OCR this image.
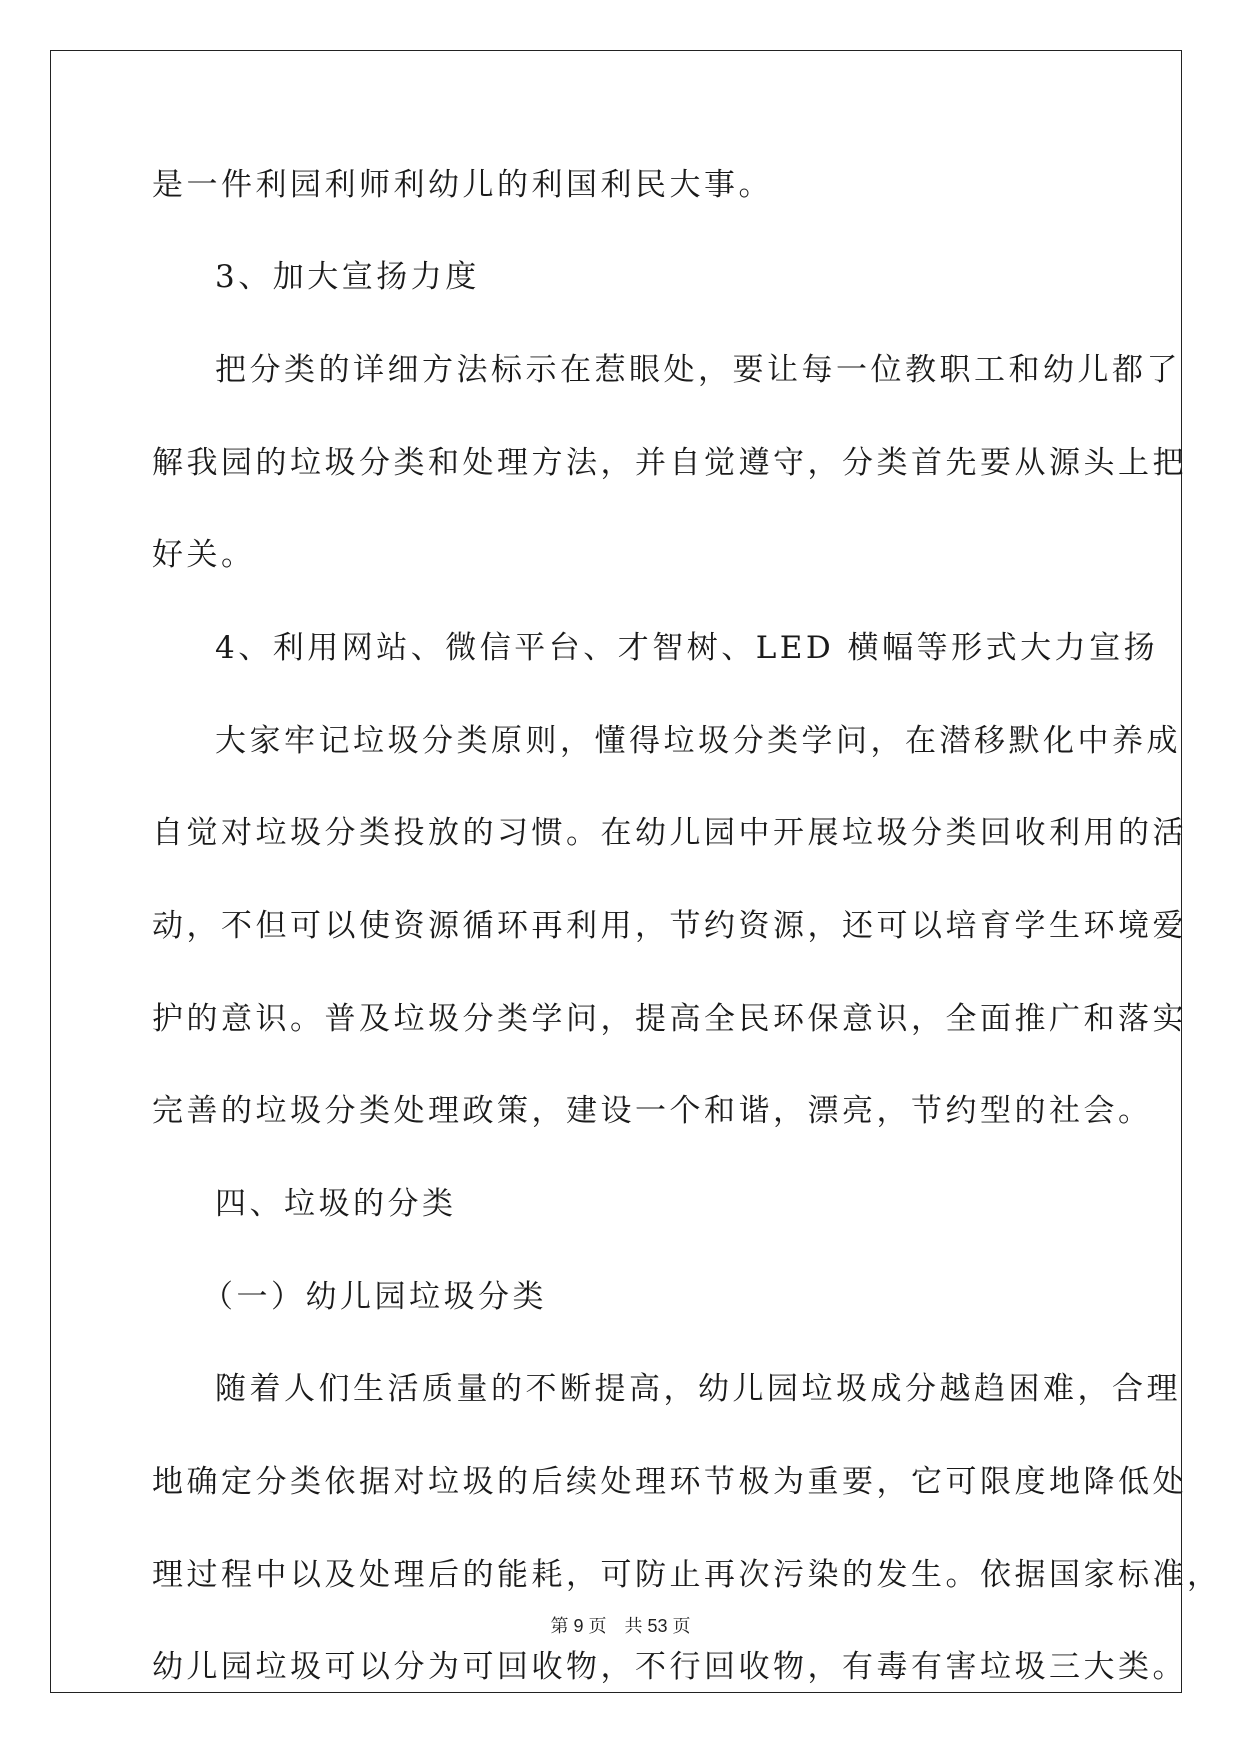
是一件利园利师利幼儿的利国利民大事。
3、加大宣扬力度
把分类的详细方法标示在惹眼处，要让每一位教职工和幼儿都了
解我园的垃圾分类和处理方法，并自觉遵守，分类首先要从源头上把
好关。
4、利用网站、微信平台、才智树、LED 横幅等形式大力宣扬
大家牢记垃圾分类原则，懂得垃圾分类学问，在潜移默化中养成
自觉对垃圾分类投放的习惯。在幼儿园中开展垃圾分类回收利用的活
动，不但可以使资源循环再利用，节约资源，还可以培育学生环境爱
护的意识。普及垃圾分类学问，提高全民环保意识，全面推广和落实
完善的垃圾分类处理政策，建设一个和谐，漂亮，节约型的社会。
四、垃圾的分类
（一）幼儿园垃圾分类
随着人们生活质量的不断提高，幼儿园垃圾成分越趋困难，合理
地确定分类依据对垃圾的后续处理环节极为重要，它可限度地降低处
理过程中以及处理后的能耗，可防止再次污染的发生。依据国家标准，
幼儿园垃圾可以分为可回收物，不行回收物，有毒有害垃圾三大类。
第 9 页 共 53 页
